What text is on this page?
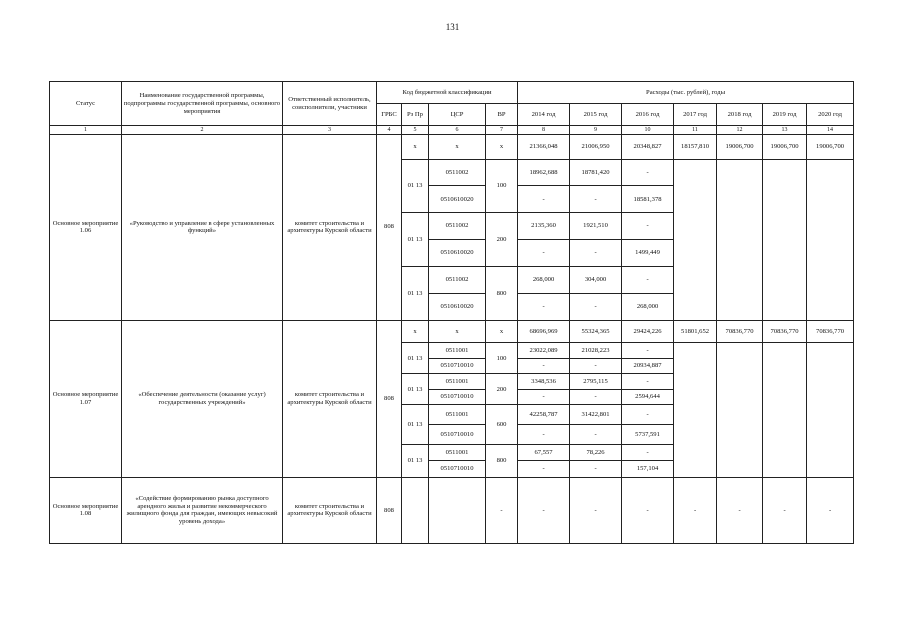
131
Статус	Наименование государственной программы, подпрограммы государственной программы, основного мероприятия	Ответственный исполнитель, соисполнители, участники	Код бюджетной классификации				Расходы (тыс. рублей), годы						
			ГРБС	Рз Пр	ЦСР	ВР	2014 год	2015 год	2016 год	2017 год	2018 год	2019 год	2020 год
1	2	3	4	5	6	7	8	9	10	11	12	13	14
Основное мероприятие 1.06	«Руководство и управление в сфере установленных функций»	комитет строительства и архитектуры Курской области	808	x	x	x	21366,048	21006,950	20348,827	18157,810	19006,700	19006,700	19006,700
				01 13	0511002	100	18962,688	18781,420	-				
					0510610020		-	-	18581,378				
				01 13	0511002	200	2135,360	1921,510	-				
					0510610020		-	-	1499,449				
				01 13	0511002	800	268,000	304,000	-				
					0510610020		-	-	268,000				
Основное мероприятие 1.07	«Обеспечение деятельности (оказание услуг) государственных учреждений»	комитет строительства и архитектуры Курской области	808	x	x	x	68696,969	55324,365	29424,226	51801,652	70836,770	70836,770	70836,770
				01 13	0511001	100	23022,089	21028,223	-				
					0510710010		-	-	20934,887				
				01 13	0511001	200	3348,536	2795,115	-				
					0510710010		-	-	2594,644				
				01 13	0511001	600	42258,787	31422,801	-				
					0510710010		-	-	5737,591				
				01 13	0511001	800	67,557	78,226	-				
					0510710010		-	-	157,104				
Основное мероприятие 1.08	«Содействие формированию рынка доступного арендного жилья и развитие некоммерческого жилищного фонда для граждан, имеющих невысокий уровень дохода»	комитет строительства и архитектуры Курской области	808			-	-	-	-	-	-	-	-
